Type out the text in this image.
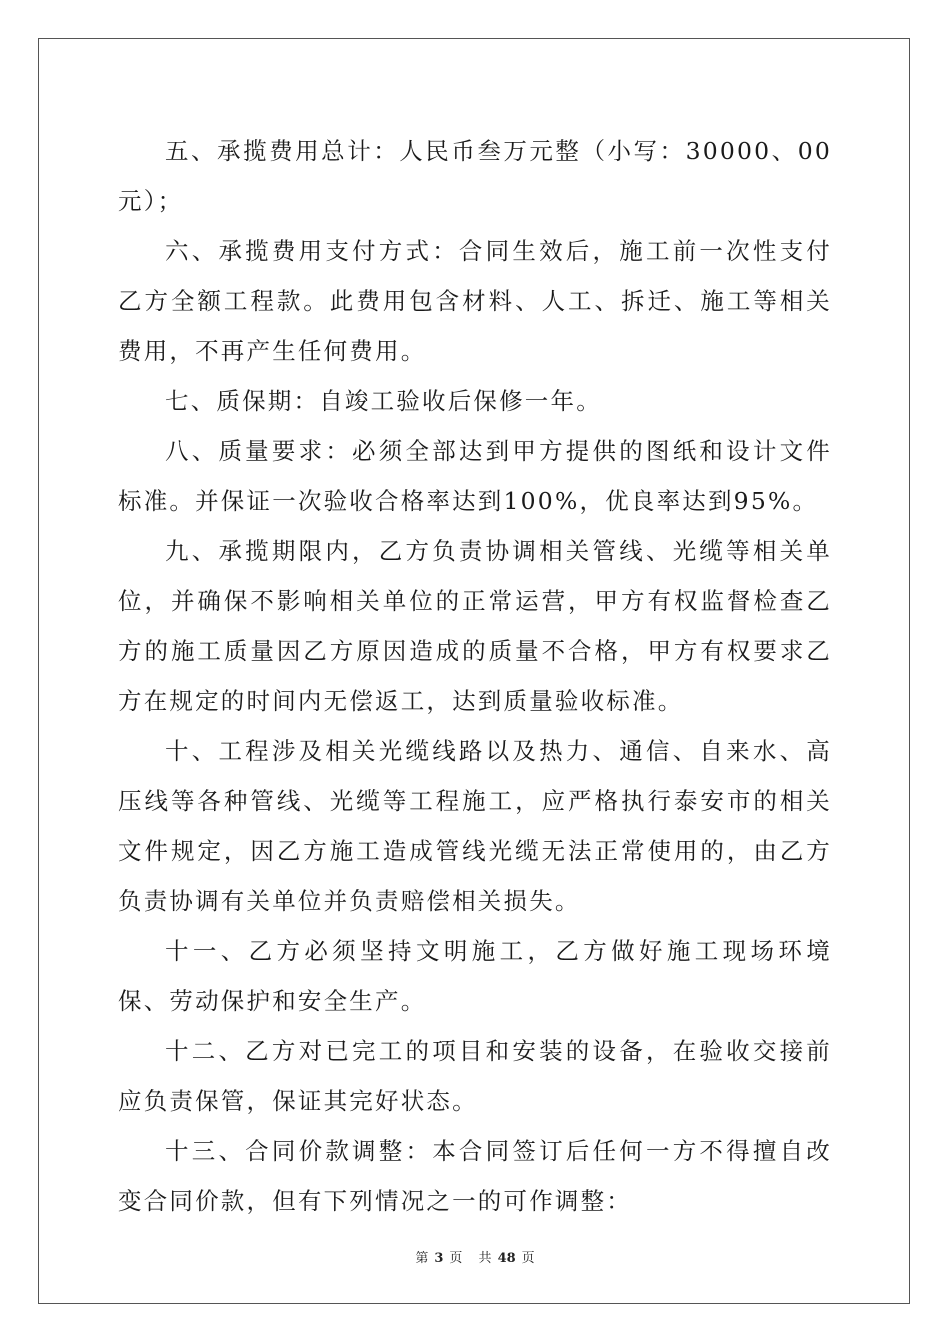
五、承揽费用总计：人民币叁万元整（小写：30000、00元）；

六、承揽费用支付方式：合同生效后，施工前一次性支付乙方全额工程款。此费用包含材料、人工、拆迁、施工等相关费用，不再产生任何费用。

七、质保期：自竣工验收后保修一年。

八、质量要求：必须全部达到甲方提供的图纸和设计文件标准。并保证一次验收合格率达到100%，优良率达到95%。

九、承揽期限内，乙方负责协调相关管线、光缆等相关单位，并确保不影响相关单位的正常运营，甲方有权监督检查乙方的施工质量因乙方原因造成的质量不合格，甲方有权要求乙方在规定的时间内无偿返工，达到质量验收标准。

十、工程涉及相关光缆线路以及热力、通信、自来水、高压线等各种管线、光缆等工程施工，应严格执行泰安市的相关文件规定，因乙方施工造成管线光缆无法正常使用的，由乙方负责协调有关单位并负责赔偿相关损失。

十一、乙方必须坚持文明施工，乙方做好施工现场环境保、劳动保护和安全生产。

十二、乙方对已完工的项目和安装的设备，在验收交接前应负责保管，保证其完好状态。

十三、合同价款调整：本合同签订后任何一方不得擅自改变合同价款，但有下列情况之一的可作调整：

第 3 页 共 48 页
